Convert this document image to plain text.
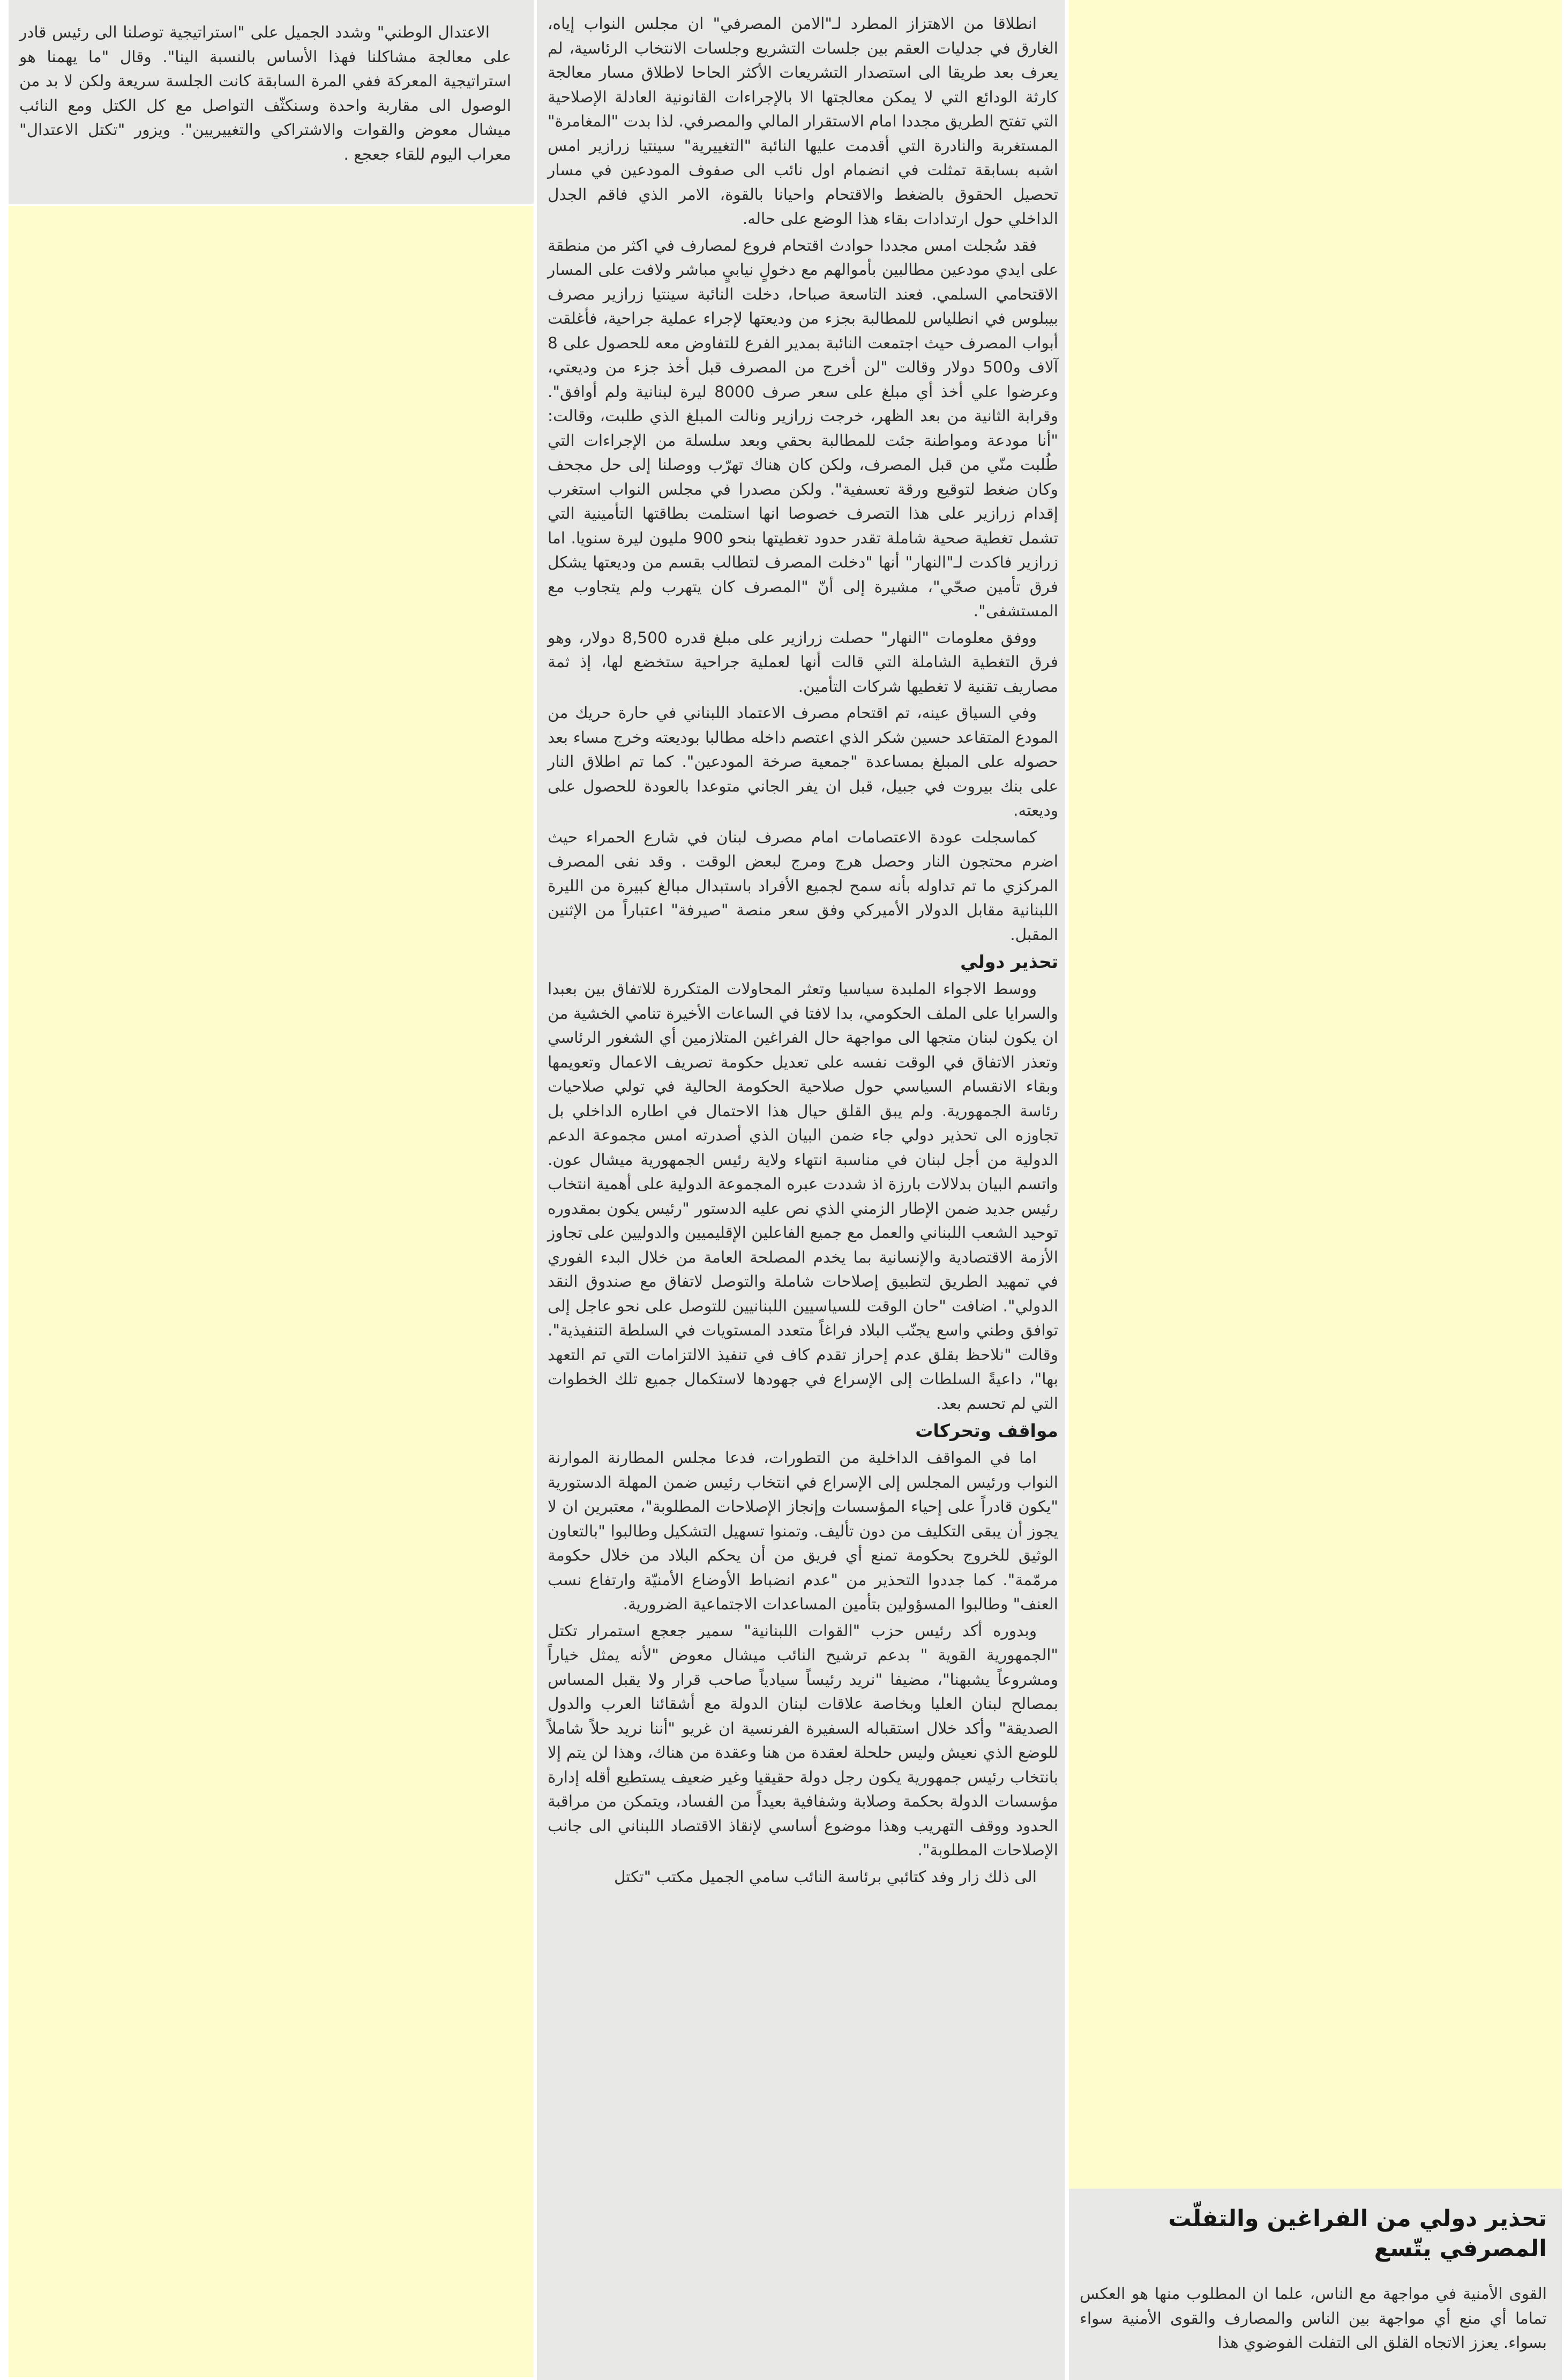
الاعتدال الوطني" وشدد الجميل على "استراتيجية توصلنا الى رئيس قادر على معالجة مشاكلنا فهذا الأساس بالنسبة الينا". وقال "ما يهمنا هو استراتيجية المعركة ففي المرة السابقة كانت الجلسة سريعة ولكن لا بد من الوصول الى مقاربة واحدة وسنكثّف التواصل مع كل الكتل ومع النائب ميشال معوض والقوات والاشتراكي والتغييريين". ويزور "تكتل الاعتدال" معراب اليوم للقاء جعجع .

انطلاقا من الاهتزاز المطرد لـ"الامن المصرفي" ان مجلس النواب إياه، الغارق في جدليات العقم بين جلسات التشريع وجلسات الانتخاب الرئاسية، لم يعرف بعد طريقا الى استصدار التشريعات الأكثر الحاحا لاطلاق مسار معالجة كارثة الودائع التي لا يمكن معالجتها الا بالإجراءات القانونية العادلة الإصلاحية التي تفتح الطريق مجددا امام الاستقرار المالي والمصرفي. لذا بدت "المغامرة" المستغربة والنادرة التي أقدمت عليها النائبة "التغييرية" سينتيا زرازير امس اشبه بسابقة تمثلت في انضمام اول نائب الى صفوف المودعين في مسار تحصيل الحقوق بالضغط والاقتحام واحيانا بالقوة، الامر الذي فاقم الجدل الداخلي حول ارتدادات بقاء هذا الوضع على حاله.

فقد سُجلت امس مجددا حوادث اقتحام فروع لمصارف في اكثر من منطقة على ايدي مودعين مطالبين بأموالهم مع دخولٍ نيابيٍ مباشر ولافت على المسار الاقتحامي السلمي. فعند التاسعة صباحا، دخلت النائبة سينتيا زرازير مصرف بيبلوس في انطلياس للمطالبة بجزء من وديعتها لإجراء عملية جراحية، فأغلقت أبواب المصرف حيث اجتمعت النائبة بمدير الفرع للتفاوض معه للحصول على 8 آلاف و500 دولار وقالت "لن أخرج من المصرف قبل أخذ جزء من وديعتي، وعرضوا علي أخذ أي مبلغ على سعر صرف 8000 ليرة لبنانية ولم أوافق". وقرابة الثانية من بعد الظهر، خرجت زرازير ونالت المبلغ الذي طلبت، وقالت: "أنا مودعة ومواطنة جئت للمطالبة بحقي وبعد سلسلة من الإجراءات التي طُلبت منّي من قبل المصرف، ولكن كان هناك تهرّب ووصلنا إلى حل مجحف وكان ضغط لتوقيع ورقة تعسفية". ولكن مصدرا في مجلس النواب استغرب إقدام زرازير على هذا التصرف خصوصا انها استلمت بطاقتها التأمينية التي تشمل تغطية صحية شاملة تقدر حدود تغطيتها بنحو 900 مليون ليرة سنويا. اما زرازير فاكدت لـ"النهار" أنها "دخلت المصرف لتطالب بقسم من وديعتها يشكل فرق تأمين صحّي"، مشيرة إلى أنّ "المصرف كان يتهرب ولم يتجاوب مع المستشفى".

ووفق معلومات "النهار" حصلت زرازير على مبلغ قدره 8,500 دولار، وهو فرق التغطية الشاملة التي قالت أنها لعملية جراحية ستخضع لها، إذ ثمة مصاريف تقنية لا تغطيها شركات التأمين.

وفي السياق عينه، تم اقتحام مصرف الاعتماد اللبناني في حارة حريك من المودع المتقاعد حسين شكر الذي اعتصم داخله مطالبا بوديعته وخرج مساء بعد حصوله على المبلغ بمساعدة "جمعية صرخة المودعين". كما تم اطلاق النار على بنك بيروت في جبيل، قبل ان يفر الجاني متوعدا بالعودة للحصول على وديعته.

كماسجلت عودة الاعتصامات امام مصرف لبنان في شارع الحمراء حيث اضرم محتجون النار وحصل هرج ومرج لبعض الوقت . وقد نفى المصرف المركزي ما تم تداوله بأنه سمح لجميع الأفراد باستبدال مبالغ كبيرة من الليرة اللبنانية مقابل الدولار الأميركي وفق سعر منصة "صيرفة" اعتباراً من الإثنين المقبل.

تحذير دولي

ووسط الاجواء الملبدة سياسيا وتعثر المحاولات المتكررة للاتفاق بين بعبدا والسرايا على الملف الحكومي، بدا لافتا في الساعات الأخيرة تنامي الخشية من ان يكون لبنان متجها الى مواجهة حال الفراغين المتلازمين أي الشغور الرئاسي وتعذر الاتفاق في الوقت نفسه على تعديل حكومة تصريف الاعمال وتعويمها وبقاء الانقسام السياسي حول صلاحية الحكومة الحالية في تولي صلاحيات رئاسة الجمهورية. ولم يبق القلق حيال هذا الاحتمال في اطاره الداخلي بل تجاوزه الى تحذير دولي جاء ضمن البيان الذي أصدرته امس مجموعة الدعم الدولية من أجل لبنان في مناسبة انتهاء ولاية رئيس الجمهورية ميشال عون. واتسم البيان بدلالات بارزة اذ شددت عبره المجموعة الدولية على أهمية انتخاب رئيس جديد ضمن الإطار الزمني الذي نص عليه الدستور "رئيس يكون بمقدوره توحيد الشعب اللبناني والعمل مع جميع الفاعلين الإقليميين والدوليين على تجاوز الأزمة الاقتصادية والإنسانية بما يخدم المصلحة العامة من خلال البدء الفوري في تمهيد الطريق لتطبيق إصلاحات شاملة والتوصل لاتفاق مع صندوق النقد الدولي". اضافت "حان الوقت للسياسيين اللبنانيين للتوصل على نحو عاجل إلى توافق وطني واسع يجنّب البلاد فراغاً متعدد المستويات في السلطة التنفيذية". وقالت "نلاحظ بقلق عدم إحراز تقدم كاف في تنفيذ الالتزامات التي تم التعهد بها"، داعيةً السلطات إلى الإسراع في جهودها لاستكمال جميع تلك الخطوات التي لم تحسم بعد.

مواقف وتحركات

اما في المواقف الداخلية من التطورات، فدعا مجلس المطارنة الموارنة النواب ورئيس المجلس إلى الإسراع في انتخاب رئيس ضمن المهلة الدستورية "يكون قادراً على إحياء المؤسسات وإنجاز الإصلاحات المطلوبة"، معتبرين ان لا يجوز أن يبقى التكليف من دون تأليف. وتمنوا تسهيل التشكيل وطالبوا "بالتعاون الوثيق للخروج بحكومة تمنع أي فريق من أن يحكم البلاد من خلال حكومة مرمّمة". كما جددوا التحذير من "عدم انضباط الأوضاع الأمنيّة وارتفاع نسب العنف" وطالبوا المسؤولين بتأمين المساعدات الاجتماعية الضرورية.

وبدوره أكد رئيس حزب "القوات اللبنانية" سمير جعجع استمرار تكتل "الجمهورية القوية " بدعم ترشيح النائب ميشال معوض "لأنه يمثل خياراً ومشروعاً يشبهنا"، مضيفا "نريد رئيساً سيادياً صاحب قرار ولا يقبل المساس بمصالح لبنان العليا وبخاصة علاقات لبنان الدولة مع أشقائنا العرب والدول الصديقة" وأكد خلال استقباله السفيرة الفرنسية ان غريو "أننا نريد حلاً شاملاً للوضع الذي نعيش وليس حلحلة لعقدة من هنا وعقدة من هناك، وهذا لن يتم إلا بانتخاب رئيس جمهورية يكون رجل دولة حقيقيا وغير ضعيف يستطيع أقله إدارة مؤسسات الدولة بحكمة وصلابة وشفافية بعيداً من الفساد، ويتمكن من مراقبة الحدود ووقف التهريب وهذا موضوع أساسي لإنقاذ الاقتصاد اللبناني الى جانب الإصلاحات المطلوبة".

الى ذلك زار وفد كتائبي برئاسة النائب سامي الجميل مكتب "تكتل

تحذير دولي من الفراغين والتفلّت المصرفي يتّسع

القوى الأمنية في مواجهة مع الناس، علما ان المطلوب منها هو العكس تماما أي منع أي مواجهة بين الناس والمصارف والقوى الأمنية سواء بسواء. يعزز الاتجاه القلق الى التفلت الفوضوي هذا
